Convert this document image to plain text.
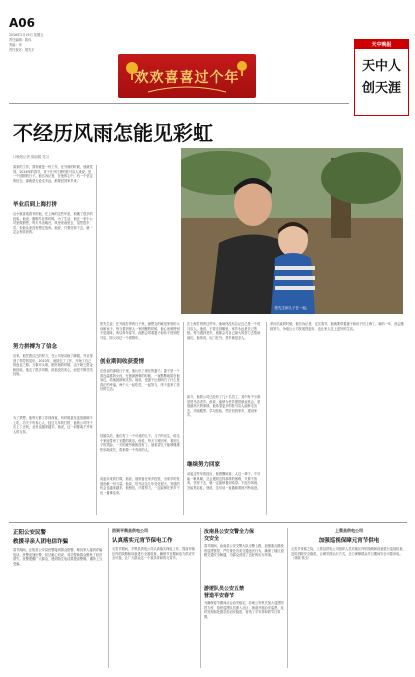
A06
2016年2月19日 星期五
责任编辑：陈伟
美编：李
责任校对：胡先平
欢欢喜喜过个年
天中晚报
天中人
创天涯
不经历风雨怎能见彩虹
口晚报记者 陈丽娟 见习
张先生和儿子在一起。
原来的工作，我有就是一份工作，在外面的时候，他就觉得，2016年的春节，对于在外打拼的驻马店人来说，是一个团圆的日子。他告诉记者，在他的心中，有一个坚定的信念，那就是无论走多远，都要回到家乡来。
毕业后到上海打拼
从小就喜欢看书的他，在上海的这些年里，积累了很多的经验。他说，刚刚毕业的时候，为了生活，他在一家小公司里做销售，每天早出晚归，风里来雨里去，虽然很辛苦，但他从来没有想过放弃。他说，只要坚持下去，就一定会有收获的。
努力拼搏为了信念
后来，他凭着自己的努力，在公司里站稳了脚跟，并且得到了领导的赏识。2010年，他辞去了工作，开始了自己的创业之路。万事开头难，刚开始的时候，由于缺乏资金和经验，他走了很多弯路，但他没有灰心，而是不断总结经验。
为了梦想，他每天都工作到深夜，有时候甚至连饭都顾不上吃。功夫不负有心人，经过几年的打拼，他的公司终于走上了正轨，业务也越来越多。他说，这一切都离不开家人的支持。
张先生说，在外面打拼的日子里，最想念的就是家里的父母和孩子。每当看到别人一家团聚的时候，他心里就特别不是滋味。所以每年春节，他都会带着妻子和孩子回到驻马店，陪父母过一个团圆年。
创业期间收获爱情
在创业的那段日子里，他认识了现在的妻子。妻子是一个善良温柔的女孩，在他最困难的时候，一直默默地陪在他身边，给他鼓励和支持。他说，是妻子让他明白了什么是真正的幸福。两个人一起吃苦，一起努力，终于迎来了美好的生活。
结婚以后，他们有了一个可爱的儿子。儿子的出生，给这个家庭带来了无限的欢乐。他说，每天下班回家，看到儿子的笑脸，一天的疲劳就都没有了。他希望儿子能够健康快乐地成长，将来做一个有用的人。
说起未来的打算，他说，他准备在家乡投资，为家乡的发展贡献一份力量。他说，驻马店这几年变化很大，发展的机会也越来越多，他相信，只要努力，一定能够在家乡干出一番事业来。
在上海打拼的这些年，他始终没有忘记自己是一个驻马店人。他说，不管走到哪里，家乡永远是自己的根。每当遇到老乡，他都会尽自己最大的努力去帮助他们。他常说，出门在外，老乡就是亲人。
如今，他的公司已经有了几十名员工，其中有不少都是驻马店老乡。他说，能够为老乡提供就业机会，是他最高兴的事情。他希望更多的驻马店人能够走出去，开阔眼界，学习经验，然后回到家乡，建设家乡。
继续努力回家
谈起这些年的经历，他感慨地说，人这一辈子，不可能一帆风顺，总会遇到这样那样的困难，只要不放弃，坚持下去，就一定能够看到希望。不经历风雨，怎能见彩虹。他说，这句话一直激励着他不断前进。
采访结束的时候，他告诉记者，过完春节，他就要带着妻子和孩子回上海了。新的一年，他会继续努力，争取让公司发展得更好，也让家人过上更好的生活。
正阳公安民警
救援寻亲人团电信诈骗
春节期间，正阳县公安局民警接到群众报警，称其家人接到诈骗电话。民警迅速出警，经过耐心劝说，成功帮助群众避免了经济损失。民警提醒广大群众，遇到陌生电话要提高警惕，谨防上当受骗。
回到平舆县供电公司
认真落实元宵节保电工作
元宵节期间，平舆县供电公司认真落实保电工作，提前对辖区内的线路和设备进行全面检查，确保节日期间电力供应安全可靠，让广大群众过一个欢乐祥和的元宵节。
汝南县公安交警全力保
交安全
春节期间，汝南县公安交警大队全警上路，加强重点路段的巡逻管控，严厉查处各类交通违法行为，确保了辖区道路交通安全畅通，为群众营造了良好的出行环境。
游逻队员公安五禁
营造平安春节
为确保春节期间社会治安稳定，各地公安机关加大巡逻防控力度，组织巡逻队员深入社区、街道开展治安巡逻，及时发现和处置各类治安隐患，营造了平安祥和的节日氛围。
上蔡县供电公司
加强巡视保障元宵节供电
元宵节来临之际，上蔡县供电公司组织人员对辖区内的线路和设备进行巡视检查，及时消除安全隐患，合理安排运行方式，全力保障群众节日期间安全可靠用电。（刘晓 郭玉）
